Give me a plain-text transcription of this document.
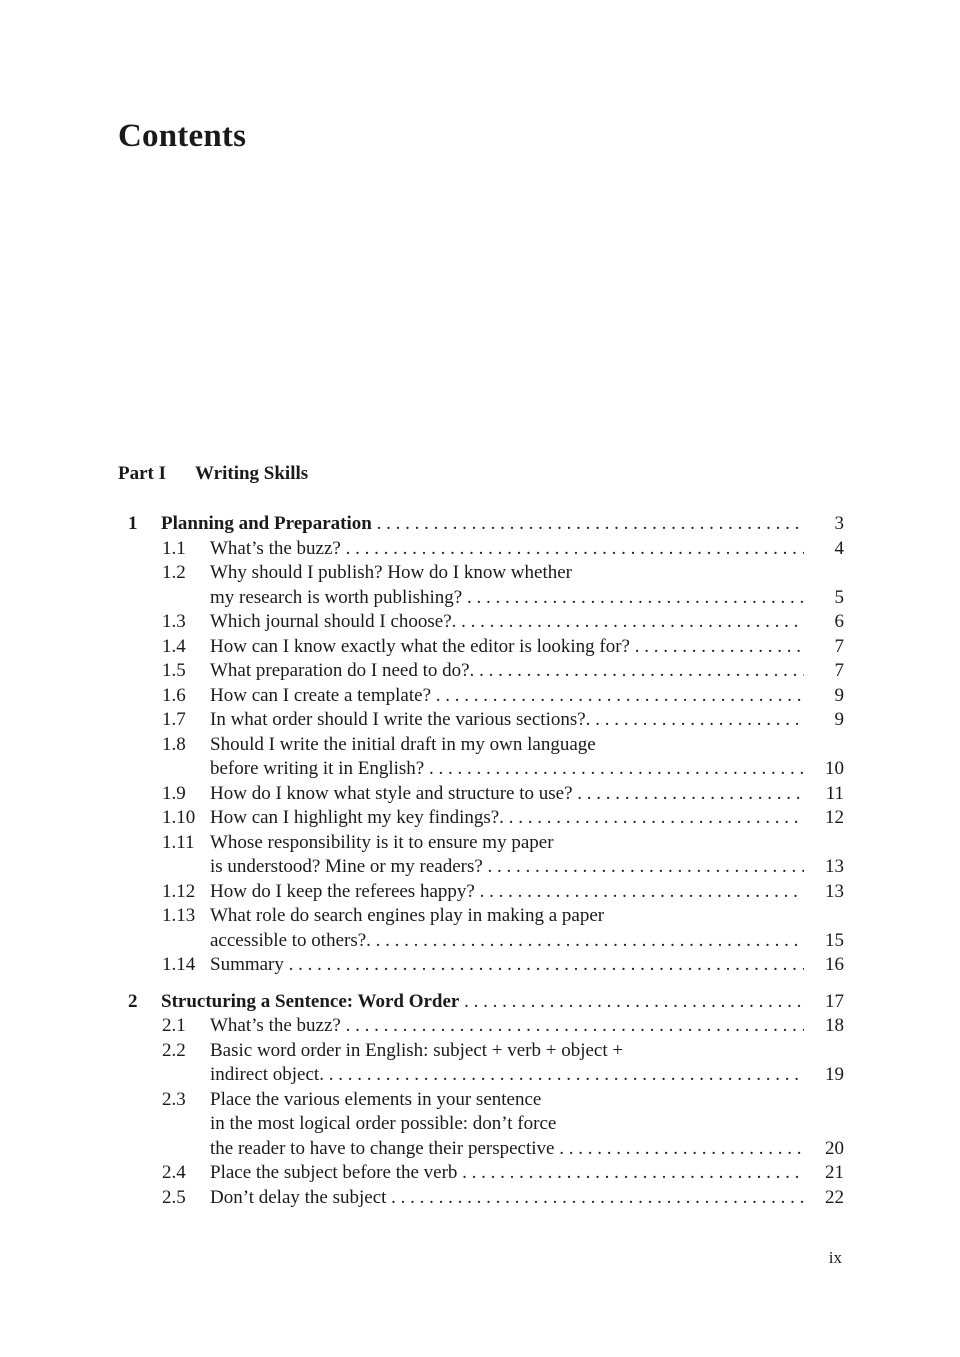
Contents
Part I Writing Skills
1	Planning and Preparation . . .	3
1.1	What’s the buzz? . . .	4
1.2	Why should I publish? How do I know whether
my research is worth publishing? . . .	5
1.3	Which journal should I choose?. . . .	6
1.4	How can I know exactly what the editor is looking for? . . .	7
1.5	What preparation do I need to do?. . . .	7
1.6	How can I create a template? . . .	9
1.7	In what order should I write the various sections?. . . .	9
1.8	Should I write the initial draft in my own language
before writing it in English? . . .	10
1.9	How do I know what style and structure to use? . . .	11
1.10 How can I highlight my key findings?. . . .	12
1.11 Whose responsibility is it to ensure my paper
is understood? Mine or my readers? . . .	13
1.12 How do I keep the referees happy? . . .	13
1.13 What role do search engines play in making a paper
accessible to others?. . . .	15
1.14 Summary . . .	16
2	Structuring a Sentence: Word Order . . .	17
2.1	What’s the buzz? . . .	18
2.2	Basic word order in English: subject + verb + object +
indirect object. . . .	19
2.3	Place the various elements in your sentence
in the most logical order possible: don’t force
the reader to have to change their perspective . . .	20
2.4	Place the subject before the verb . . .	21
2.5	Don’t delay the subject . . .	22
ix
